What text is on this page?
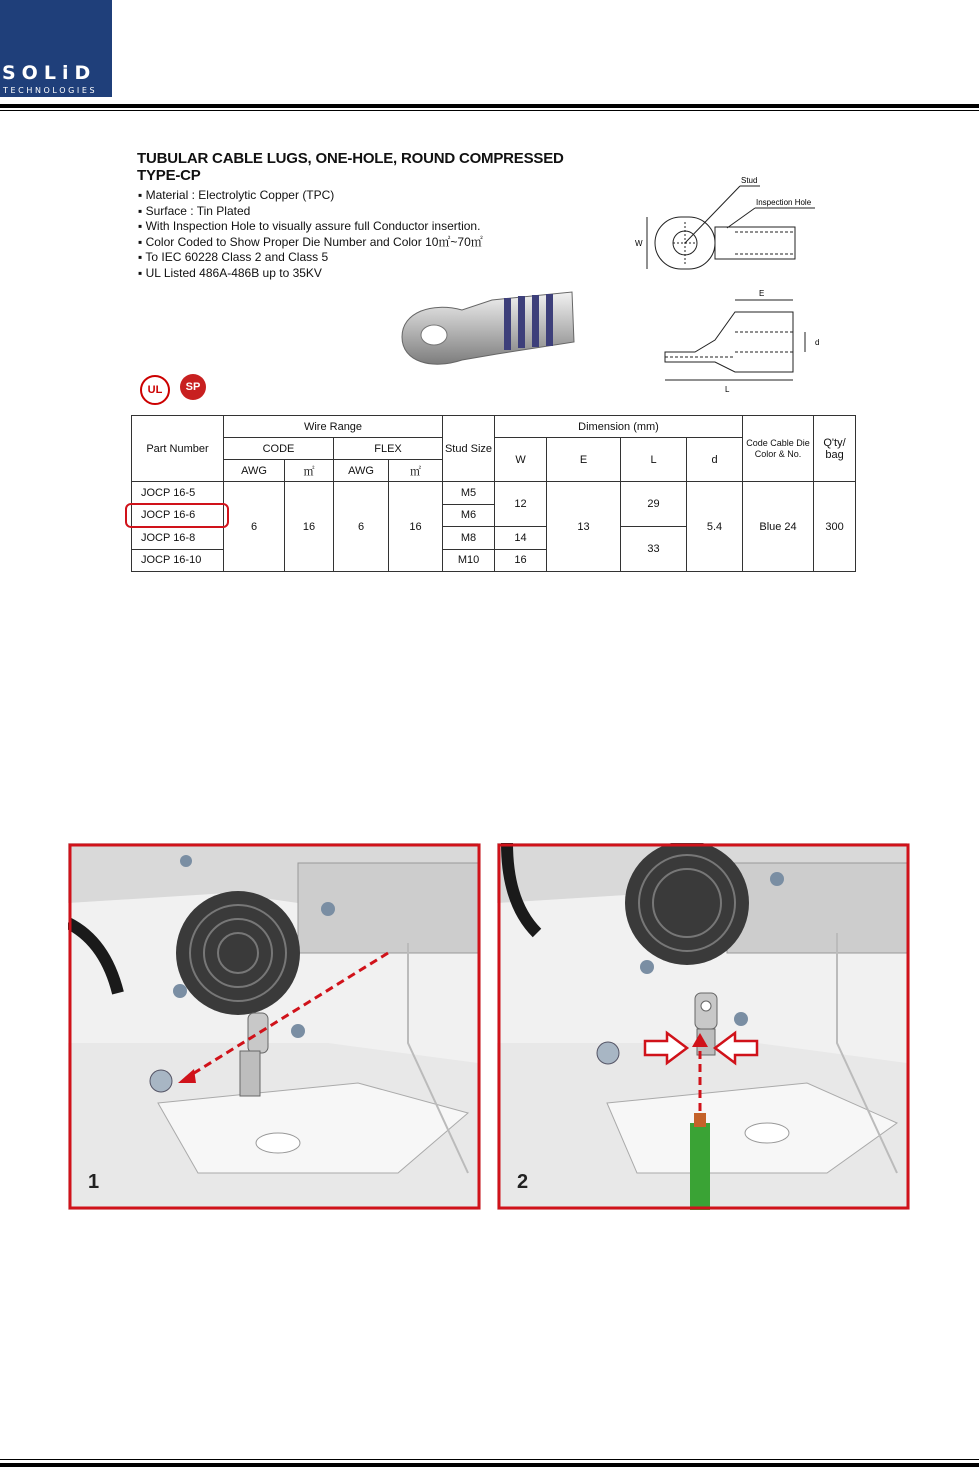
SOLiD
TECHNOLOGIES
TUBULAR CABLE LUGS, ONE-HOLE, ROUND COMPRESSED
TYPE-CP
▪ Material : Electrolytic Copper (TPC)
▪ Surface : Tin Plated
▪ With Inspection Hole to visually assure full Conductor insertion.
▪ Color Coded to Show Proper Die Number and Color 10㎡~70㎡
▪ To IEC 60228 Class 2 and Class 5
▪ UL Listed 486A-486B up to 35KV
Stud
Inspection Hole
W
E
d
L
UL	SP
Part Number	Wire Range				Stud Size	Dimension (mm)				Code Cable Die Color & No.	Q'ty/ bag
	CODE		FLEX			W	E	L	d		
	AWG	㎡	AWG	㎡							
JOCP 16-5	6	16	6	16	M5	12	13	29	5.4	Blue 24	300
JOCP 16-6					M6						
JOCP 16-8					M8	14		33			
JOCP 16-10					M10	16					
1	2
